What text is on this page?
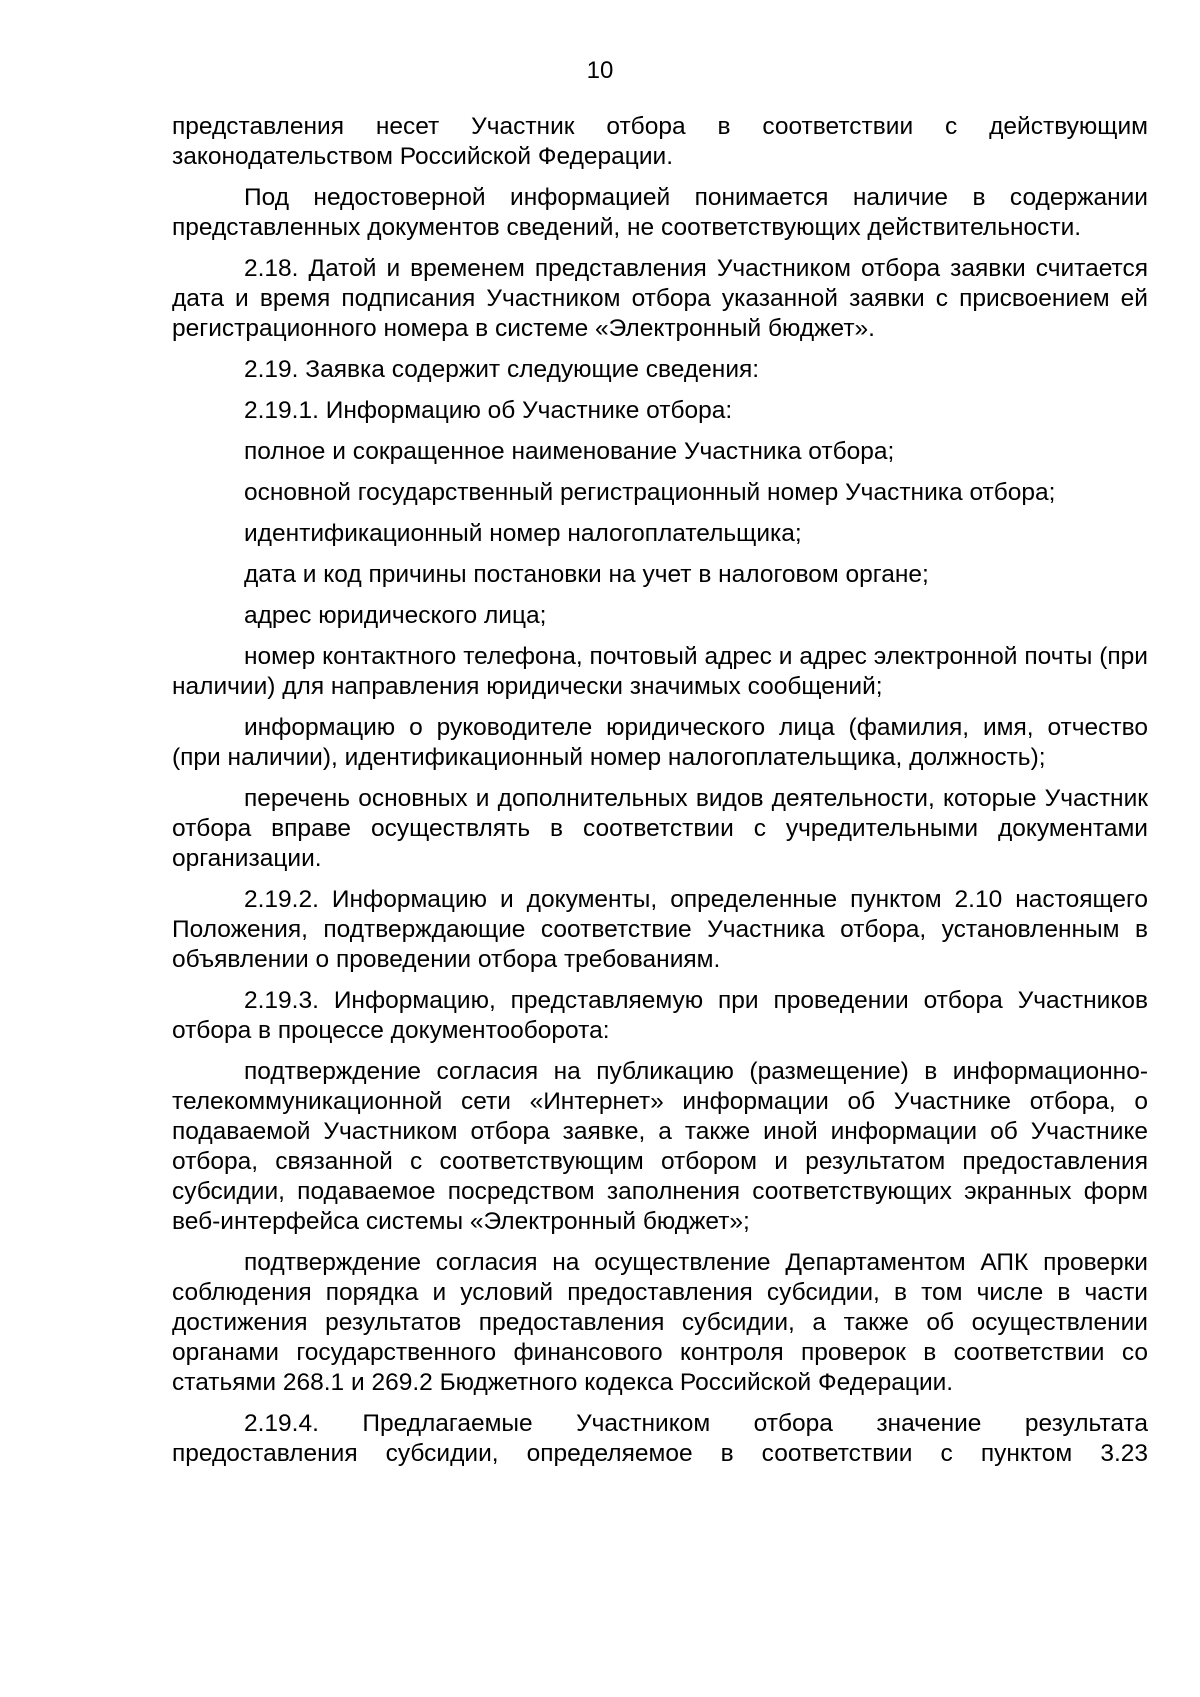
10

представления несет Участник отбора в соответствии с действующим законодательством Российской Федерации.

Под недостоверной информацией понимается наличие в содержании представленных документов сведений, не соответствующих действительности.

2.18. Датой и временем представления Участником отбора заявки считается дата и время подписания Участником отбора указанной заявки с присвоением ей регистрационного номера в системе «Электронный бюджет».

2.19. Заявка содержит следующие сведения:

2.19.1. Информацию об Участнике отбора:

полное и сокращенное наименование Участника отбора;

основной государственный регистрационный номер Участника отбора;

идентификационный номер налогоплательщика;

дата и код причины постановки на учет в налоговом органе;

адрес юридического лица;

номер контактного телефона, почтовый адрес и адрес электронной почты (при наличии) для направления юридически значимых сообщений;

информацию о руководителе юридического лица (фамилия, имя, отчество (при наличии), идентификационный номер налогоплательщика, должность);

перечень основных и дополнительных видов деятельности, которые Участник отбора вправе осуществлять в соответствии с учредительными документами организации.

2.19.2. Информацию и документы, определенные пунктом 2.10 настоящего Положения, подтверждающие соответствие Участника отбора, установленным в объявлении о проведении отбора требованиям.

2.19.3. Информацию, представляемую при проведении отбора Участников отбора в процессе документооборота:

подтверждение согласия на публикацию (размещение) в информационно-телекоммуникационной сети «Интернет» информации об Участнике отбора, о подаваемой Участником отбора заявке, а также иной информации об Участнике отбора, связанной с соответствующим отбором и результатом предоставления субсидии, подаваемое посредством заполнения соответствующих экранных форм веб-интерфейса системы «Электронный бюджет»;

подтверждение согласия на осуществление Департаментом АПК проверки соблюдения порядка и условий предоставления субсидии, в том числе в части достижения результатов предоставления субсидии, а также об осуществлении органами государственного финансового контроля проверок в соответствии со статьями 268.1 и 269.2 Бюджетного кодекса Российской Федерации.

2.19.4. Предлагаемые Участником отбора значение результата предоставления субсидии, определяемое в соответствии с пунктом 3.23
